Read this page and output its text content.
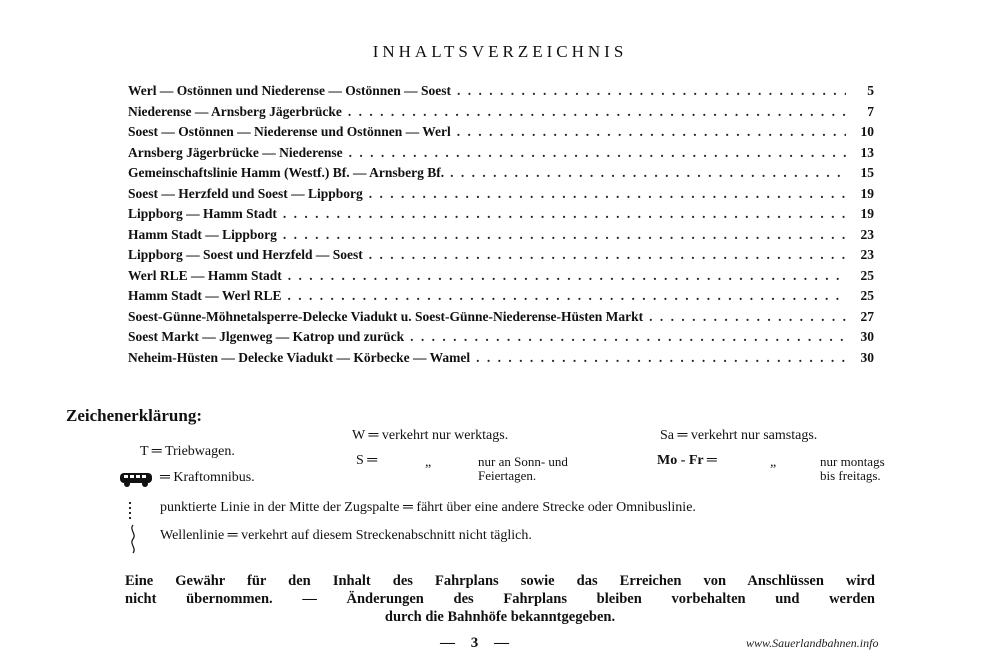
INHALTSVERZEICHNIS
Werl — Ostönnen und Niederense — Ostönnen — Soest . . .	5
Niederense — Arnsberg Jägerbrücke . . .	7
Soest — Ostönnen — Niederense und Ostönnen — Werl . . .	10
Arnsberg Jägerbrücke — Niederense . . .	13
Gemeinschaftslinie Hamm (Westf.) Bf. — Arnsberg Bf. . . .	15
Soest — Herzfeld und Soest — Lippborg . . .	19
Lippborg — Hamm Stadt . . .	19
Hamm Stadt — Lippborg . . .	23
Lippborg — Soest und Herzfeld — Soest . . .	23
Werl RLE — Hamm Stadt . . .	25
Hamm Stadt — Werl RLE . . .	25
Soest-Günne-Möhnetalsperre-Delecke Viadukt u. Soest-Günne-Niederense-Hüsten Markt . . .	27
Soest Markt — Jlgenweg — Katrop und zurück . . .	30
Neheim-Hüsten — Delecke Viadukt — Körbecke — Wamel . . .	30
Zeichenerklärung:
T ═ Triebwagen.
═ Kraftomnibus.
W ═ verkehrt nur werktags.
S ═	„	nur an Sonn- und
Feiertagen.
Sa ═ verkehrt nur samstags.
Mo - Fr ═	„	nur montags
bis freitags.
punktierte Linie in der Mitte der Zugspalte ═ fährt über eine andere Strecke oder Omnibuslinie.
Wellenlinie ═ verkehrt auf diesem Streckenabschnitt nicht täglich.
Eine Gewähr für den Inhalt des Fahrplans sowie das Erreichen von Anschlüssen wird
nicht übernommen. — Änderungen des Fahrplans bleiben vorbehalten und werden
durch die Bahnhöfe bekanntgegeben.
— 3 —	www.Sauerlandbahnen.info
